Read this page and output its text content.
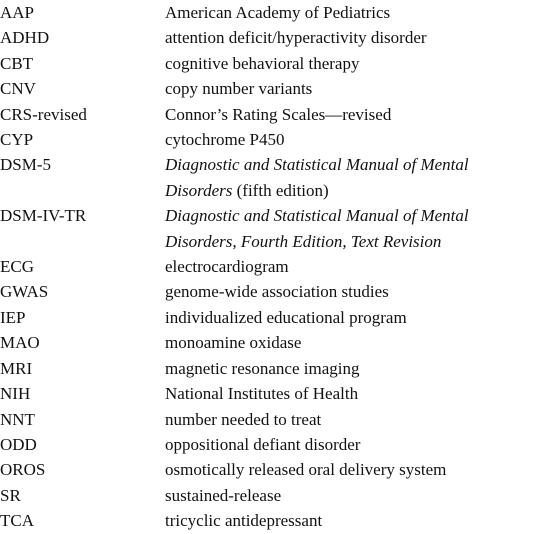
AAP	American Academy of Pediatrics
ADHD	attention deficit/hyperactivity disorder
CBT	cognitive behavioral therapy
CNV	copy number variants
CRS-revised	Connor’s Rating Scales—revised
CYP	cytochrome P450
DSM-5	Diagnostic and Statistical Manual of Mental
Disorders (fifth edition)
DSM-IV-TR	Diagnostic and Statistical Manual of Mental
Disorders, Fourth Edition, Text Revision
ECG	electrocardiogram
GWAS	genome-wide association studies
IEP	individualized educational program
MAO	monoamine oxidase
MRI	magnetic resonance imaging
NIH	National Institutes of Health
NNT	number needed to treat
ODD	oppositional defiant disorder
OROS	osmotically released oral delivery system
SR	sustained-release
TCA	tricyclic antidepressant
